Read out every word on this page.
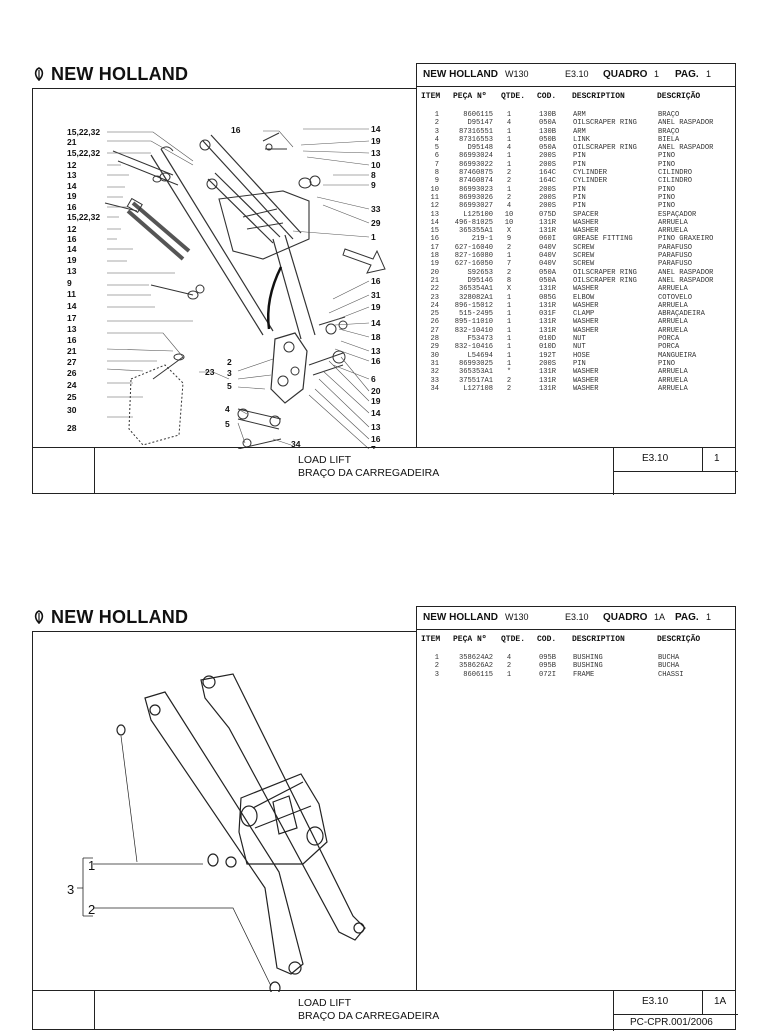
NEW HOLLAND
15,22,32
21
15,22,32
12
13
14
19
16
15,22,32
12
16
14
19
13
9
11
14
17
13
16
21
27
26
24
25
30
28
23
2
3
5
4
5
34
16	14
19
13
10
8
9
33
29
1
16
31
19
14
18
13
16
6
20
19
14
13
16
7
NEW HOLLAND W130	E3.10 QUADRO 1 PAG. 1
ITEM PEÇA Nº QTDE. COD. DESCRIPTION	DESCRIÇÃO
1	8606115	1	130B ARM	BRAÇO
2	D95147	4	050A OILSCRAPER RING	ANEL RASPADOR
3	87316551	1	130B ARM	BRAÇO
4	87316553	1	050B LINK	BIELA
5	D95148	4	050A OILSCRAPER RING	ANEL RASPADOR
6	86993024	1	200S PIN	PINO
7	86993022	1	200S PIN	PINO
8	87460875	2	164C CYLINDER	CILINDRO
9	87460874	2	164C CYLINDER	CILINDRO
10	86993023	1	200S PIN	PINO
11	86993026	2	200S PIN	PINO
12	86993027	4	200S PIN	PINO
13	L125100	10	075D SPACER	ESPAÇADOR
14	496-81025	10	131R WASHER	ARRUELA
15	365355A1	X	131R WASHER	ARRUELA
16	219-1	9	060I GREASE FITTING	PINO GRAXEIRO
17	627-16040	2	040V SCREW	PARAFUSO
18	827-16080	1	040V SCREW	PARAFUSO
19	627-16050	7	040V SCREW	PARAFUSO
20	S92653	2	050A OILSCRAPER RING	ANEL RASPADOR
21	D95146	8	050A OILSCRAPER RING	ANEL RASPADOR
22	365354A1	X	131R WASHER	ARRUELA
23	328082A1	1	085G ELBOW	COTOVELO
24	896-15012	1	131R WASHER	ARRUELA
25	515-2495	1	031F CLAMP	ABRAÇADEIRA
26	895-11010	1	131R WASHER	ARRUELA
27	832-10410	1	131R WASHER	ARRUELA
28	F53473	1	010D NUT	PORCA
29	832-10416	1	010D NUT	PORCA
30	L54694	1	192T HOSE	MANGUEIRA
31	86993025	1	200S PIN	PINO
32	365353A1	*	131R WASHER	ARRUELA
33	375517A1	2	131R WASHER	ARRUELA
34	L127108	2	131R WASHER	ARRUELA
LOAD LIFT
BRAÇO DA CARREGADEIRA
E3.10	1
NEW HOLLAND
1
3
2
NEW HOLLAND W130	E3.10 QUADRO 1A PAG. 1
ITEM PEÇA Nº QTDE. COD. DESCRIPTION	DESCRIÇÃO
1	358624A2	4	095B BUSHING	BUCHA
2	358626A2	2	095B BUSHING	BUCHA
3	8606115	1	072I FRAME	CHASSI
LOAD LIFT
BRAÇO DA CARREGADEIRA
E3.10	1A
PC-CPR.001/2006
